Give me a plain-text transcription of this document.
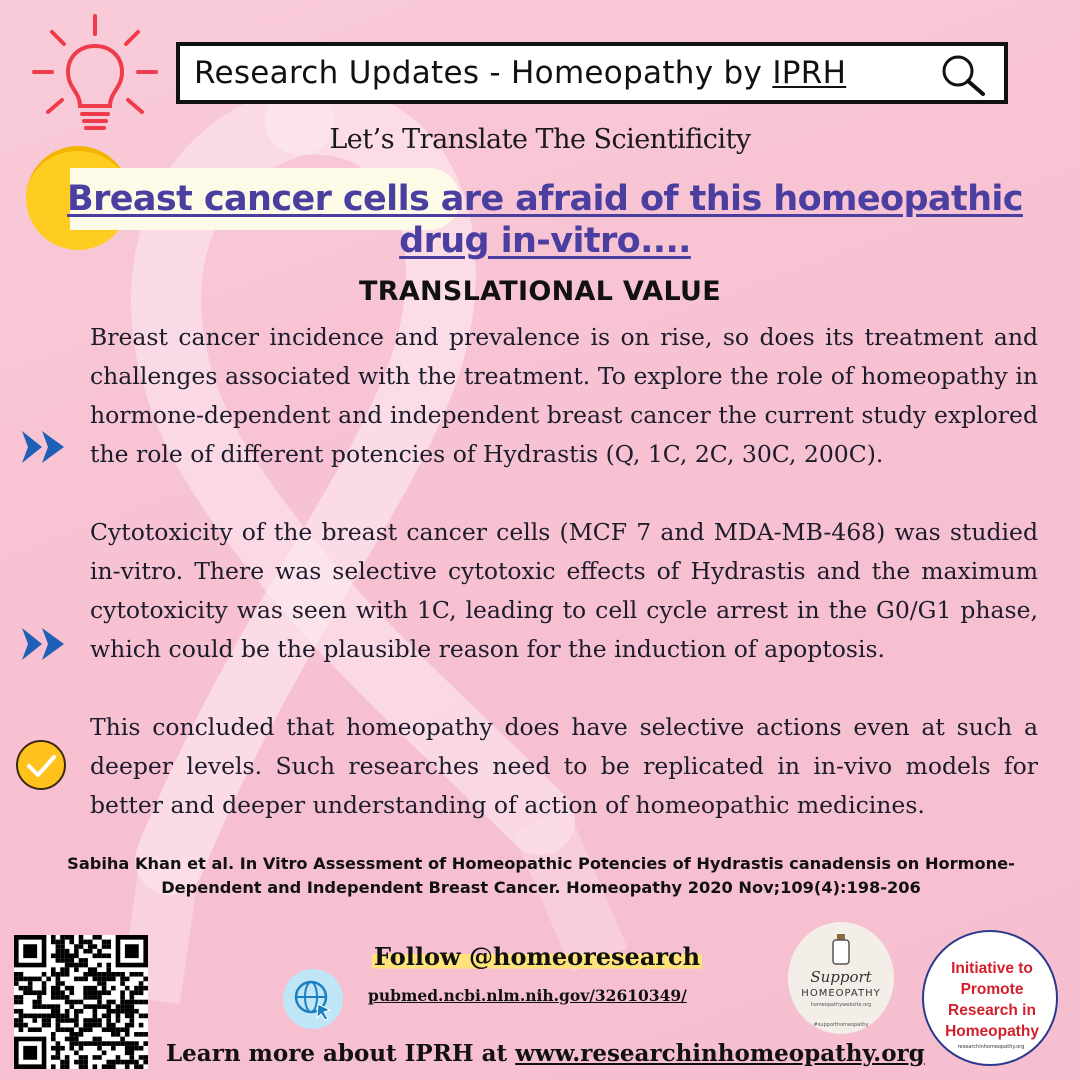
Research Updates - Homeopathy by IPRH
Let’s Translate The Scientificity
Breast cancer cells are afraid of this homeopathic drug in-vitro....
TRANSLATIONAL VALUE
Breast cancer incidence and prevalence is on rise, so does its treatment and challenges associated with the treatment. To explore the role of homeopathy in hormone-dependent and independent breast cancer the current study explored the role of different potencies of Hydrastis (Q, 1C, 2C, 30C, 200C).
Cytotoxicity of the breast cancer cells (MCF 7 and MDA-MB-468) was studied in-vitro. There was selective cytotoxic effects of Hydrastis and the maximum cytotoxicity was seen with 1C, leading to cell cycle arrest in the G0/G1 phase, which could be the plausible reason for the induction of apoptosis.
This concluded that homeopathy does have selective actions even at such a deeper levels. Such researches need to be replicated in in-vivo models for better and deeper understanding of action of homeopathic medicines.
Sabiha Khan et al. In Vitro Assessment of Homeopathic Potencies of Hydrastis canadensis on Hormone-Dependent and Independent Breast Cancer. Homeopathy 2020 Nov;109(4):198-206
Follow @homeoresearch
pubmed.ncbi.nlm.nih.gov/32610349/
Learn more about IPRH at www.researchinhomeopathy.org
Support
HOMEOPATHY
homeopathywebsite.org
#supporthomeopathy
Initiative to Promote Research in Homeopathy
researchinhomeopathy.org
